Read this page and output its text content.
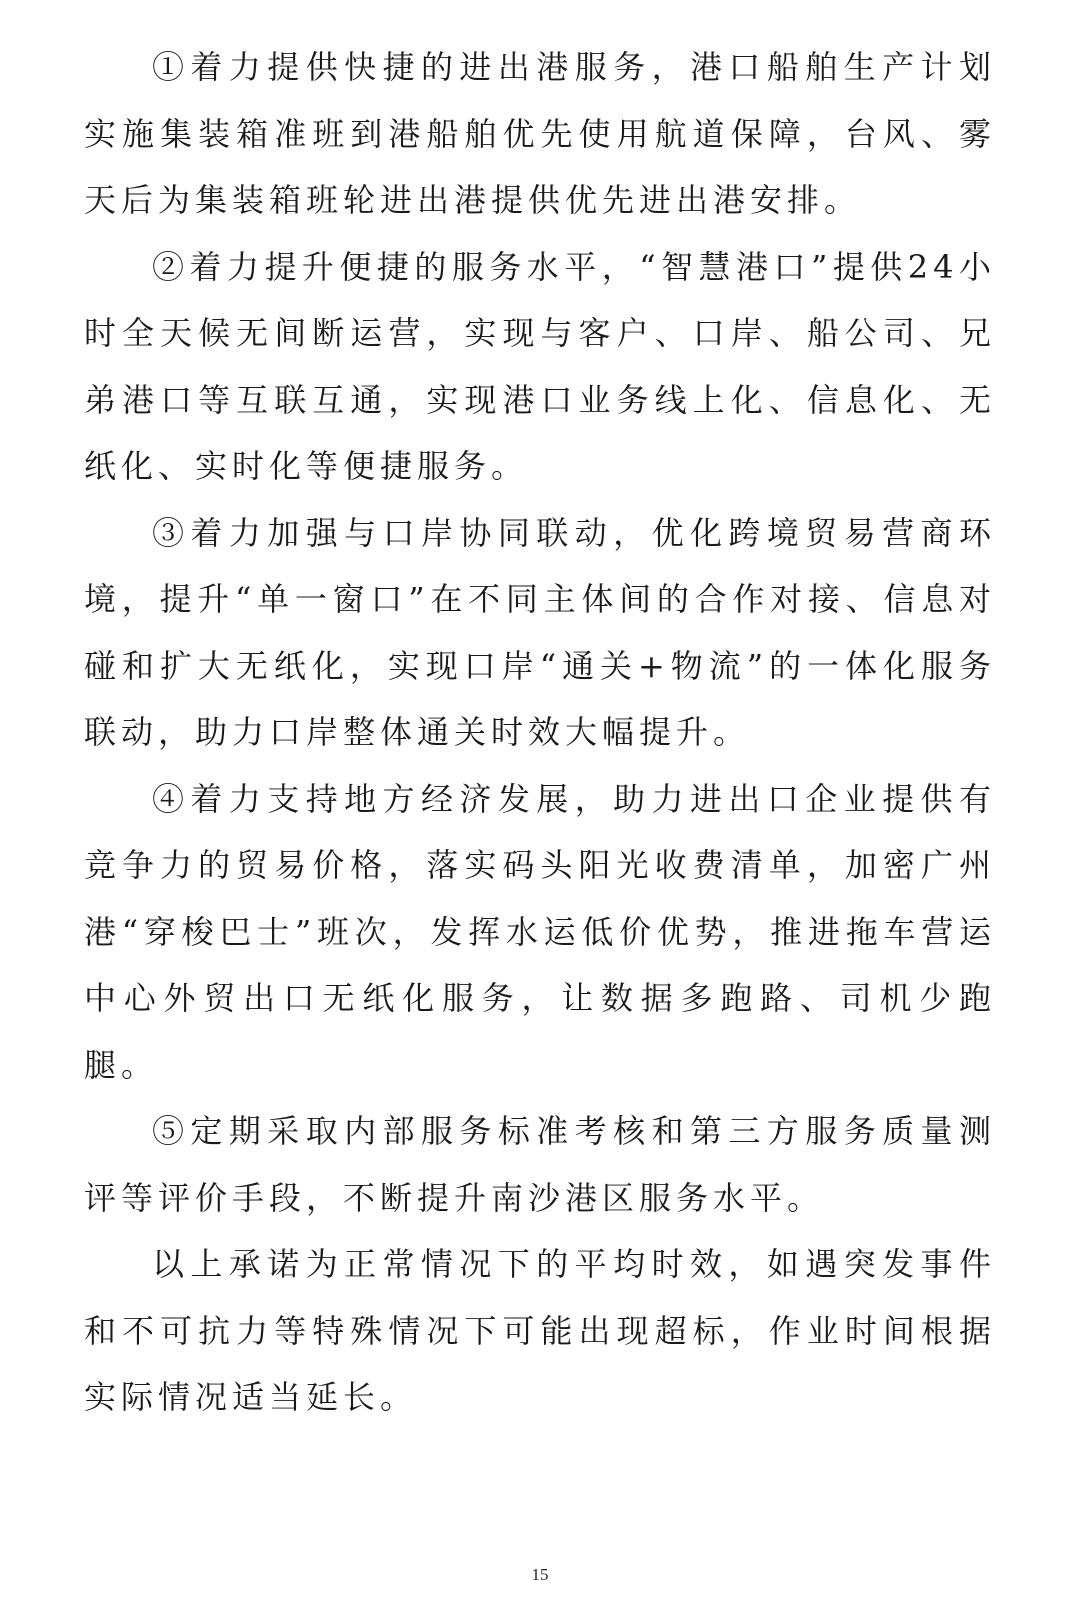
①着力提供快捷的进出港服务，港口船舶生产计划实施集装箱准班到港船舶优先使用航道保障，台风、雾天后为集装箱班轮进出港提供优先进出港安排。

②着力提升便捷的服务水平，“智慧港口”提供24小时全天候无间断运营，实现与客户、口岸、船公司、兄弟港口等互联互通，实现港口业务线上化、信息化、无纸化、实时化等便捷服务。

③着力加强与口岸协同联动，优化跨境贸易营商环境，提升“单一窗口”在不同主体间的合作对接、信息对碰和扩大无纸化，实现口岸“通关+物流”的一体化服务联动，助力口岸整体通关时效大幅提升。

④着力支持地方经济发展，助力进出口企业提供有竞争力的贸易价格，落实码头阳光收费清单，加密广州港“穿梭巴士”班次，发挥水运低价优势，推进拖车营运中心外贸出口无纸化服务，让数据多跑路、司机少跑腿。

⑤定期采取内部服务标准考核和第三方服务质量测评等评价手段，不断提升南沙港区服务水平。

以上承诺为正常情况下的平均时效，如遇突发事件和不可抗力等特殊情况下可能出现超标，作业时间根据实际情况适当延长。

15
